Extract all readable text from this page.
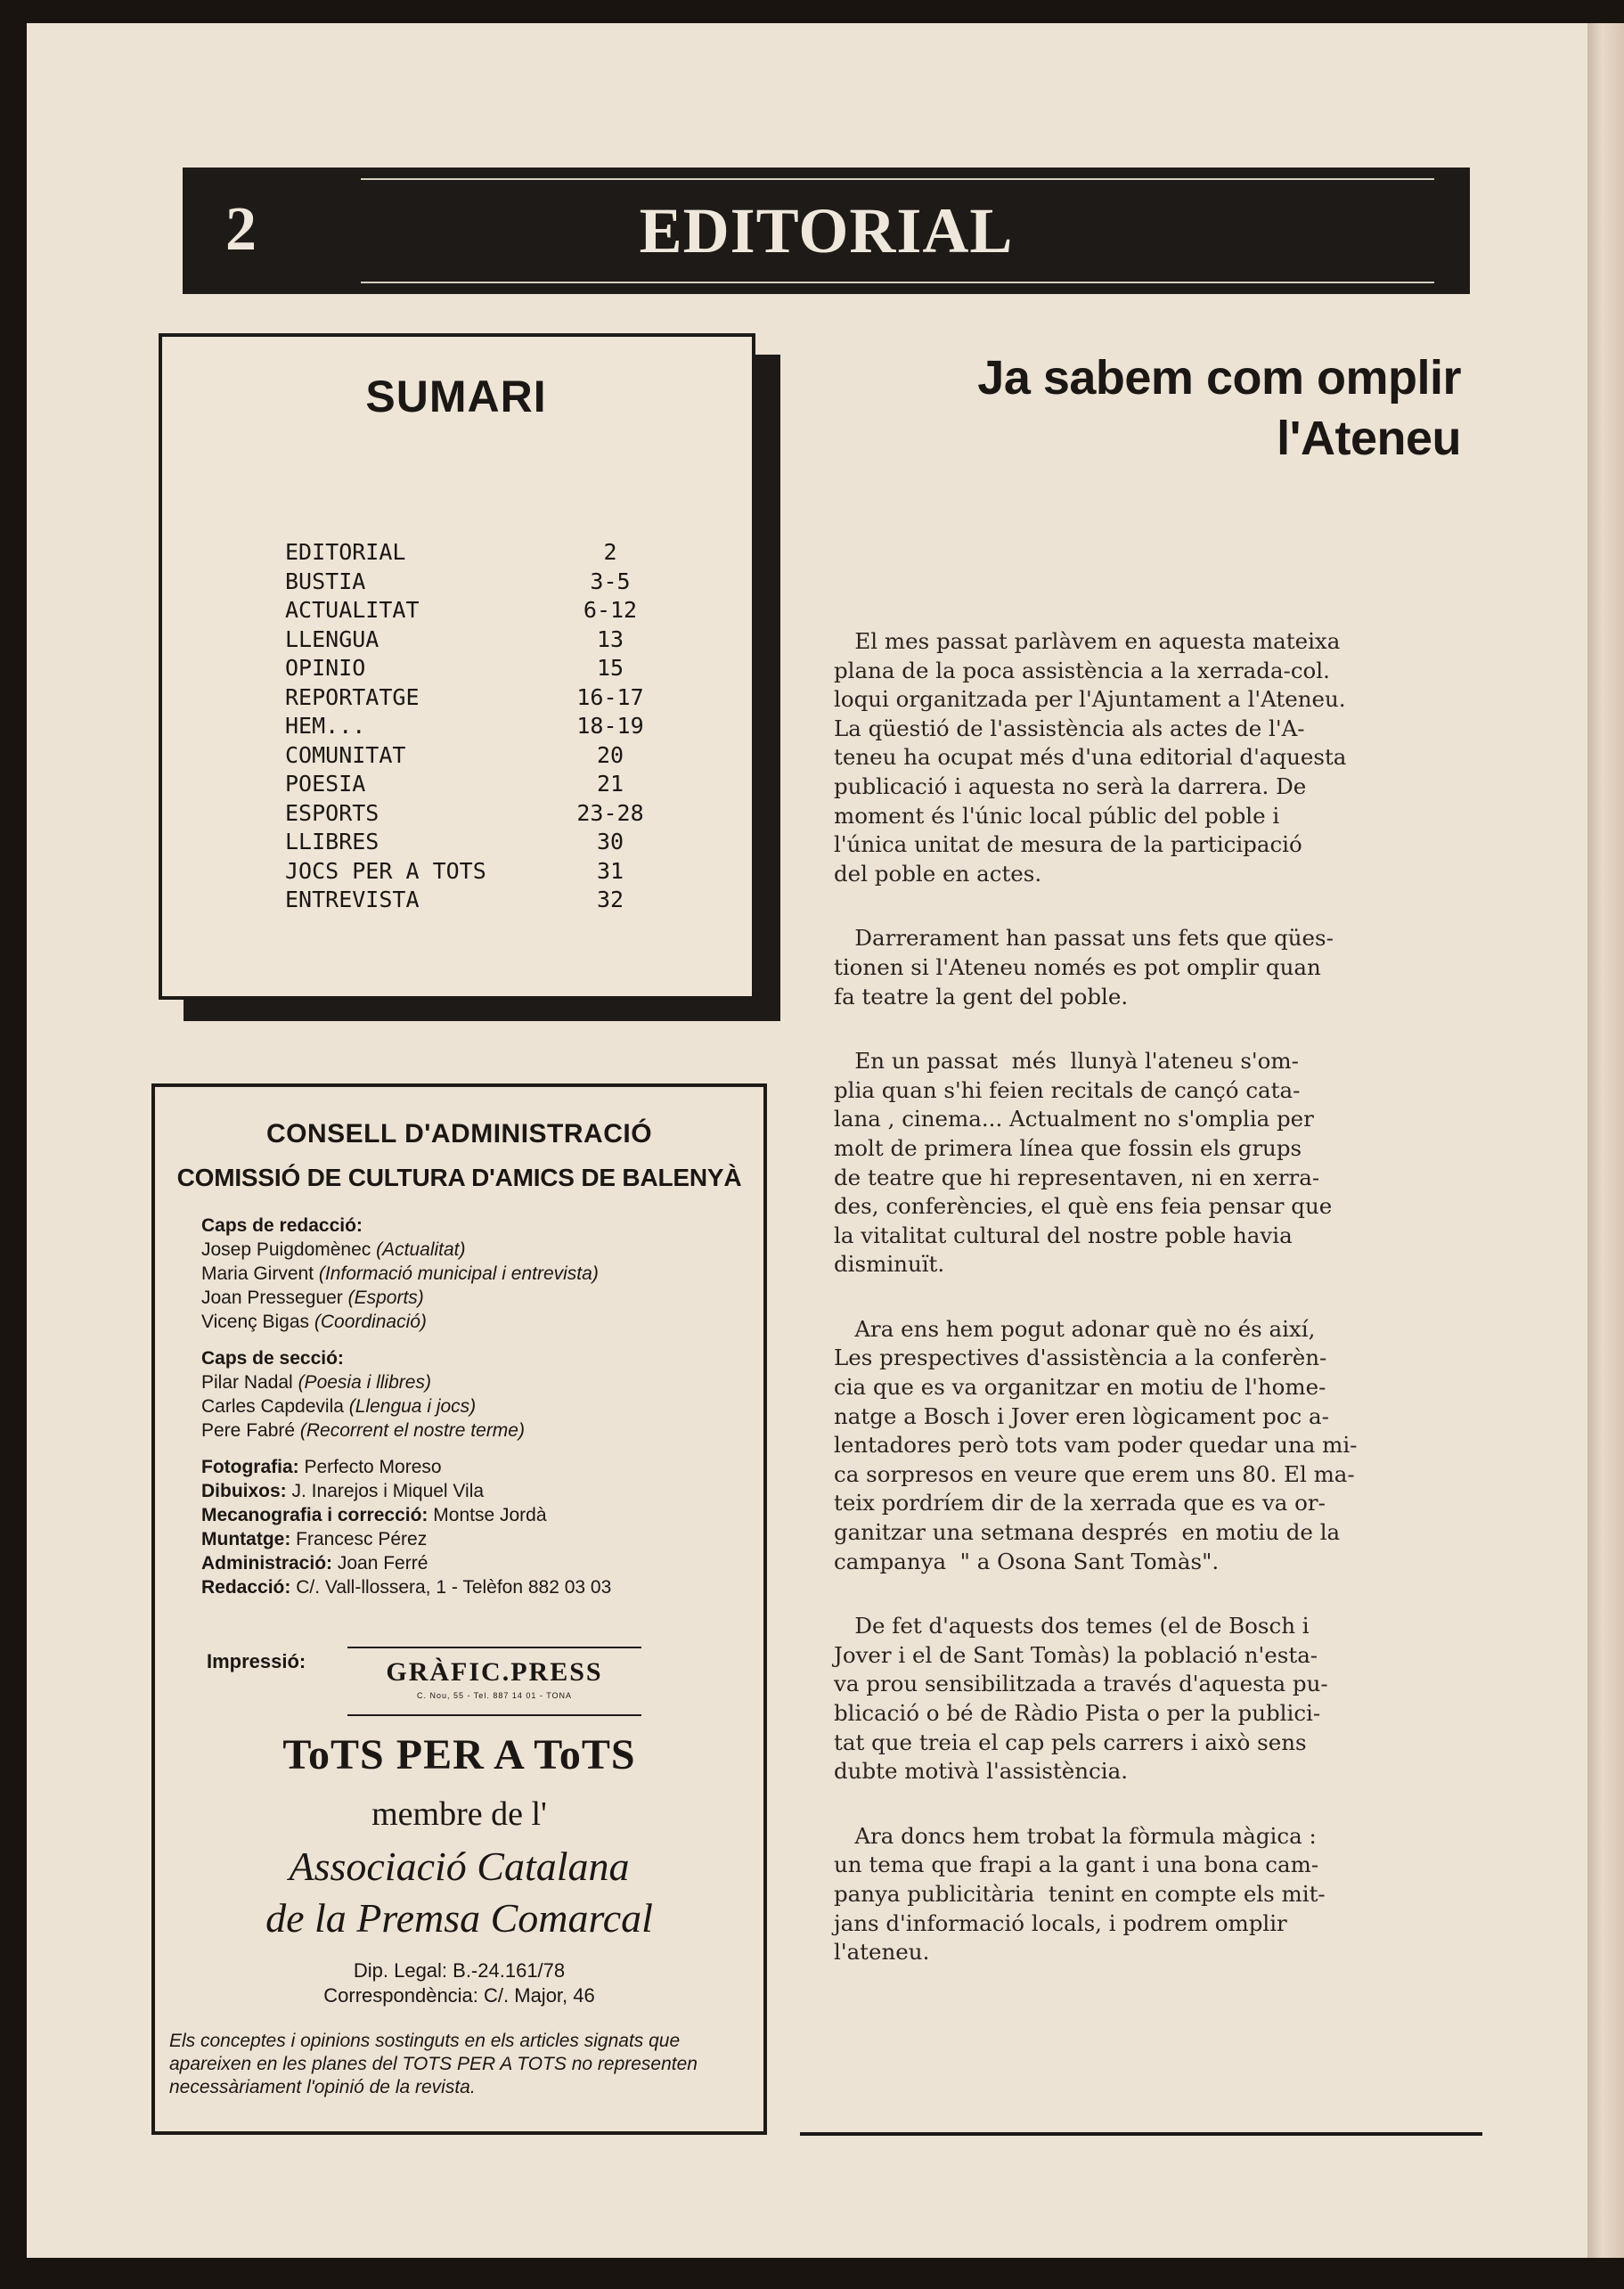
2	EDITORIAL
SUMARI
EDITORIAL	2
BUSTIA	3-5
ACTUALITAT	6-12
LLENGUA	13
OPINIO	15
REPORTATGE	16-17
HEM...	18-19
COMUNITAT	20
POESIA	21
ESPORTS	23-28
LLIBRES	30
JOCS PER A TOTS	31
ENTREVISTA	32
CONSELL D'ADMINISTRACIÓ
COMISSIÓ DE CULTURA D'AMICS DE BALENYÀ
Caps de redacció:
Josep Puigdomènec (Actualitat)
Maria Girvent (Informació municipal i entrevista)
Joan Presseguer (Esports)
Vicenç Bigas (Coordinació)
Caps de secció:
Pilar Nadal (Poesia i llibres)
Carles Capdevila (Llengua i jocs)
Pere Fabré (Recorrent el nostre terme)
Fotografia: Perfecto Moreso
Dibuixos: J. Inarejos i Miquel Vila
Mecanografia i correcció: Montse Jordà
Muntatge: Francesc Pérez
Administració: Joan Ferré
Redacció: C/. Vall-llossera, 1 - Telèfon 882 03 03
Impressió:	GRÀFIC.PRESS
C. Nou, 55 - Tel. 887 14 01 - TONA
ToTS PER A ToTS
membre de l'
Associació Catalana
de la Premsa Comarcal
Dip. Legal: B.-24.161/78
Correspondència: C/. Major, 46
Els conceptes i opinions sostinguts en els articles signats que apareixen en les planes del TOTS PER A TOTS no representen necessàriament l'opinió de la revista.
Ja sabem com omplir
l'Ateneu

El mes passat parlàvem en aquesta mateixa
plana de la poca assistència a la xerrada-col.
loqui organitzada per l'Ajuntament a l'Ateneu.
La qüestió de l'assistència als actes de l'A-
teneu ha ocupat més d'una editorial d'aquesta
publicació i aquesta no serà la darrera. De
moment és l'únic local públic del poble i
l'única unitat de mesura de la participació
del poble en actes.

Darrerament han passat uns fets que qües-
tionen si l'Ateneu només es pot omplir quan
fa teatre la gent del poble.

En un passat  més  llunyà l'ateneu s'om-
plia quan s'hi feien recitals de cançó cata-
lana , cinema... Actualment no s'omplia per
molt de primera línea que fossin els grups
de teatre que hi representaven, ni en xerra-
des, conferències, el què ens feia pensar que
la vitalitat cultural del nostre poble havia
disminuït.

Ara ens hem pogut adonar què no és així,
Les prespectives d'assistència a la conferèn-
cia que es va organitzar en motiu de l'home-
natge a Bosch i Jover eren lògicament poc a-
lentadores però tots vam poder quedar una mi-
ca sorpresos en veure que erem uns 80. El ma-
teix pordríem dir de la xerrada que es va or-
ganitzar una setmana després  en motiu de la
campanya  " a Osona Sant Tomàs".

De fet d'aquests dos temes (el de Bosch i
Jover i el de Sant Tomàs) la població n'esta-
va prou sensibilitzada a través d'aquesta pu-
blicació o bé de Ràdio Pista o per la publici-
tat que treia el cap pels carrers i això sens
dubte motivà l'assistència.

Ara doncs hem trobat la fòrmula màgica :
un tema que frapi a la gant i una bona cam-
panya publicitària  tenint en compte els mit-
jans d'informació locals, i podrem omplir
l'ateneu.
